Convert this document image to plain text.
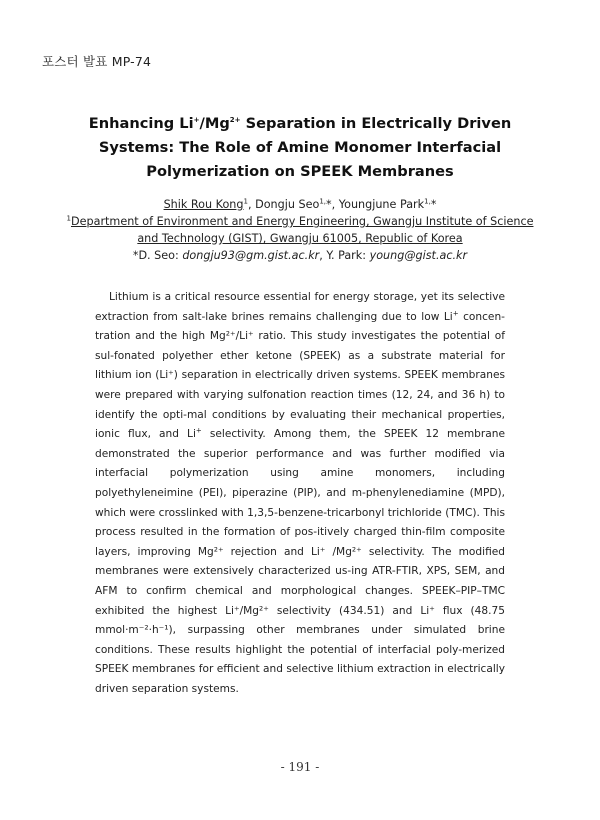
포스터 발표 MP-74
Enhancing $Li^+/Mg^{2+}$ Separation in Electrically Driven Systems: The Role of Amine Monomer Interfacial Polymerization on SPEEK Membranes
Shik Rou Kong$^1$, Dongju Seo$^{1,}$*, Youngjune Park$^{1,}$*
$^1$Department of Environment and Energy Engineering, Gwangju Institute of Science and Technology (GIST), Gwangju 61005, Republic of Korea
*D. Seo: dongju93@gm.gist.ac.kr, Y. Park: young@gist.ac.kr

Lithium is a critical resource essential for energy storage, yet its selective extraction from salt-lake brines remains challenging due to low Li+ concen-tration and the high Mg²⁺/Li⁺ ratio. This study investigates the potential of sul-fonated polyether ether ketone (SPEEK) as a substrate material for lithium ion (Li⁺) separation in electrically driven systems. SPEEK membranes were prepared with varying sulfonation reaction times (12, 24, and 36 h) to identify the opti-mal conditions by evaluating their mechanical properties, ionic flux, and Li+ selectivity. Among them, the SPEEK 12 membrane demonstrated the superior performance and was further modified via interfacial polymerization using amine monomers, including polyethyleneimine (PEI), piperazine (PIP), and m-phenylenediamine (MPD), which were crosslinked with 1,3,5-benzene-tricarbonyl trichloride (TMC). This process resulted in the formation of pos-itively charged thin-film composite layers, improving Mg²⁺ rejection and Li⁺ /Mg²⁺ selectivity. The modified membranes were extensively characterized us-ing ATR-FTIR, XPS, SEM, and AFM to confirm chemical and morphological changes. SPEEK–PIP–TMC exhibited the highest Li⁺/Mg²⁺ selectivity (434.51) and Li⁺ flux (48.75 mmol·m⁻²·h⁻¹), surpassing other membranes under simulated brine conditions. These results highlight the potential of interfacial poly-merized SPEEK membranes for efficient and selective lithium extraction in electrically driven separation systems.

- 191 -
